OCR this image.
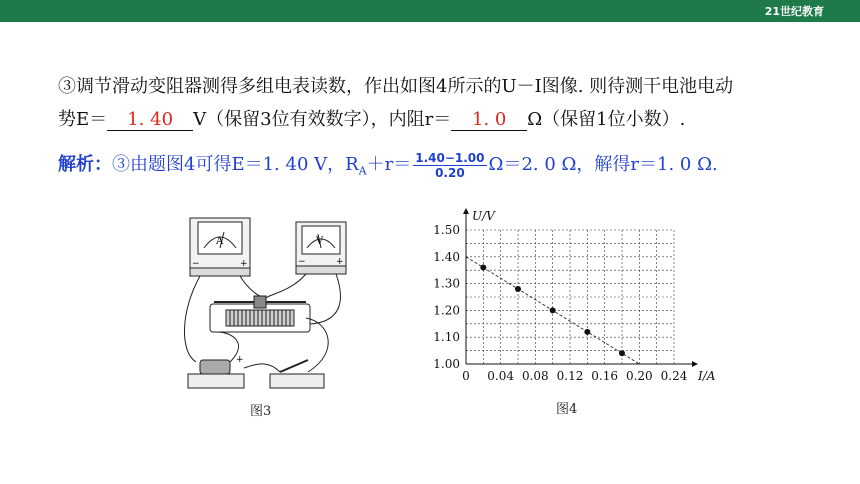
21世纪教育
③调节滑动变阻器测得多组电表读数，作出如图4所示的U－I图像. 则待测干电池电动
势E＝ 1. 40 V（保留3位有效数字），内阻r＝ 1. 0 Ω（保留1位小数）.
解析：③由题图4可得E＝1. 40 V，$R_A+r= \frac{1.40-1.00}{0.20} \Omega=2$. 0 Ω，解得r＝1. 0 Ω.
A	V
−	+	−	+
+
图3
1.00
1.10
1.20
1.30
1.40
1.50
0.04 0.08 0.12 0.16 0.20 0.24
0
U/V
I/A
图4
